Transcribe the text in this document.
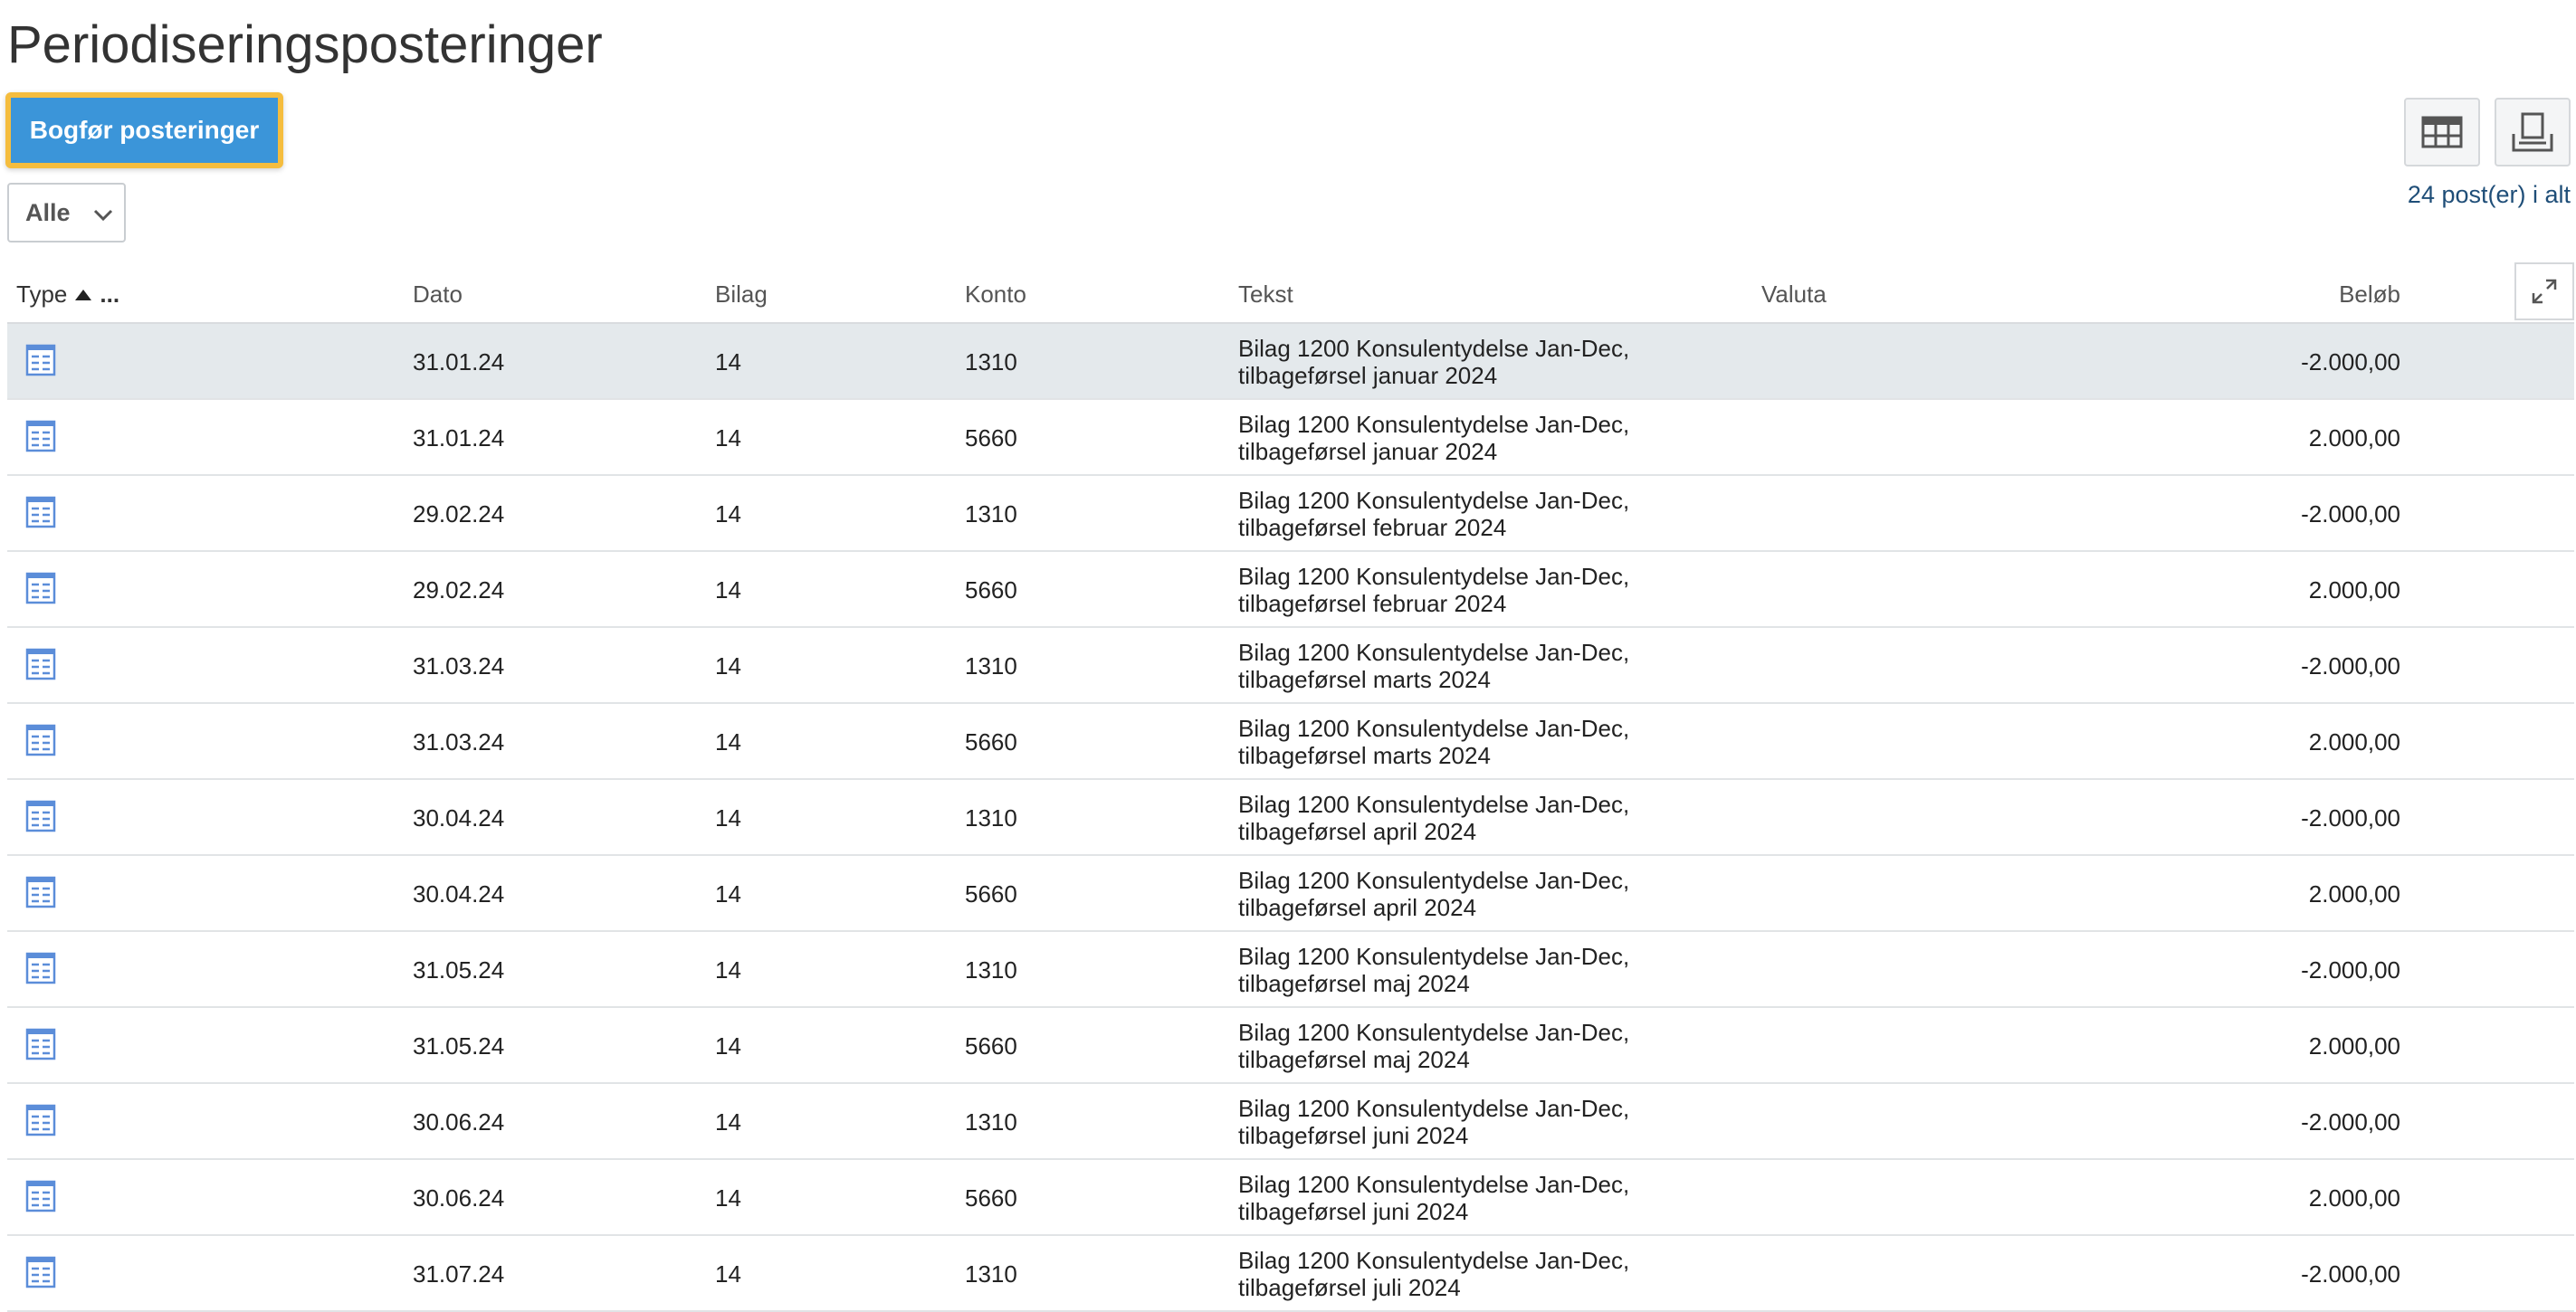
Periodiseringsposteringer
Bogfør posteringer
Alle
24 post(er) i alt
Type ...	Dato	Bilag	Konto	Tekst	Valuta	Beløb
31.01.24	14	1310	Bilag 1200 Konsulentydelse Jan-Dec,
tilbageførsel januar 2024	-2.000,00
31.01.24	14	5660	Bilag 1200 Konsulentydelse Jan-Dec,
tilbageførsel januar 2024	2.000,00
29.02.24	14	1310	Bilag 1200 Konsulentydelse Jan-Dec,
tilbageførsel februar 2024	-2.000,00
29.02.24	14	5660	Bilag 1200 Konsulentydelse Jan-Dec,
tilbageførsel februar 2024	2.000,00
31.03.24	14	1310	Bilag 1200 Konsulentydelse Jan-Dec,
tilbageførsel marts 2024	-2.000,00
31.03.24	14	5660	Bilag 1200 Konsulentydelse Jan-Dec,
tilbageførsel marts 2024	2.000,00
30.04.24	14	1310	Bilag 1200 Konsulentydelse Jan-Dec,
tilbageførsel april 2024	-2.000,00
30.04.24	14	5660	Bilag 1200 Konsulentydelse Jan-Dec,
tilbageførsel april 2024	2.000,00
31.05.24	14	1310	Bilag 1200 Konsulentydelse Jan-Dec,
tilbageførsel maj 2024	-2.000,00
31.05.24	14	5660	Bilag 1200 Konsulentydelse Jan-Dec,
tilbageførsel maj 2024	2.000,00
30.06.24	14	1310	Bilag 1200 Konsulentydelse Jan-Dec,
tilbageførsel juni 2024	-2.000,00
30.06.24	14	5660	Bilag 1200 Konsulentydelse Jan-Dec,
tilbageførsel juni 2024	2.000,00
31.07.24	14	1310	Bilag 1200 Konsulentydelse Jan-Dec,
tilbageførsel juli 2024	-2.000,00
